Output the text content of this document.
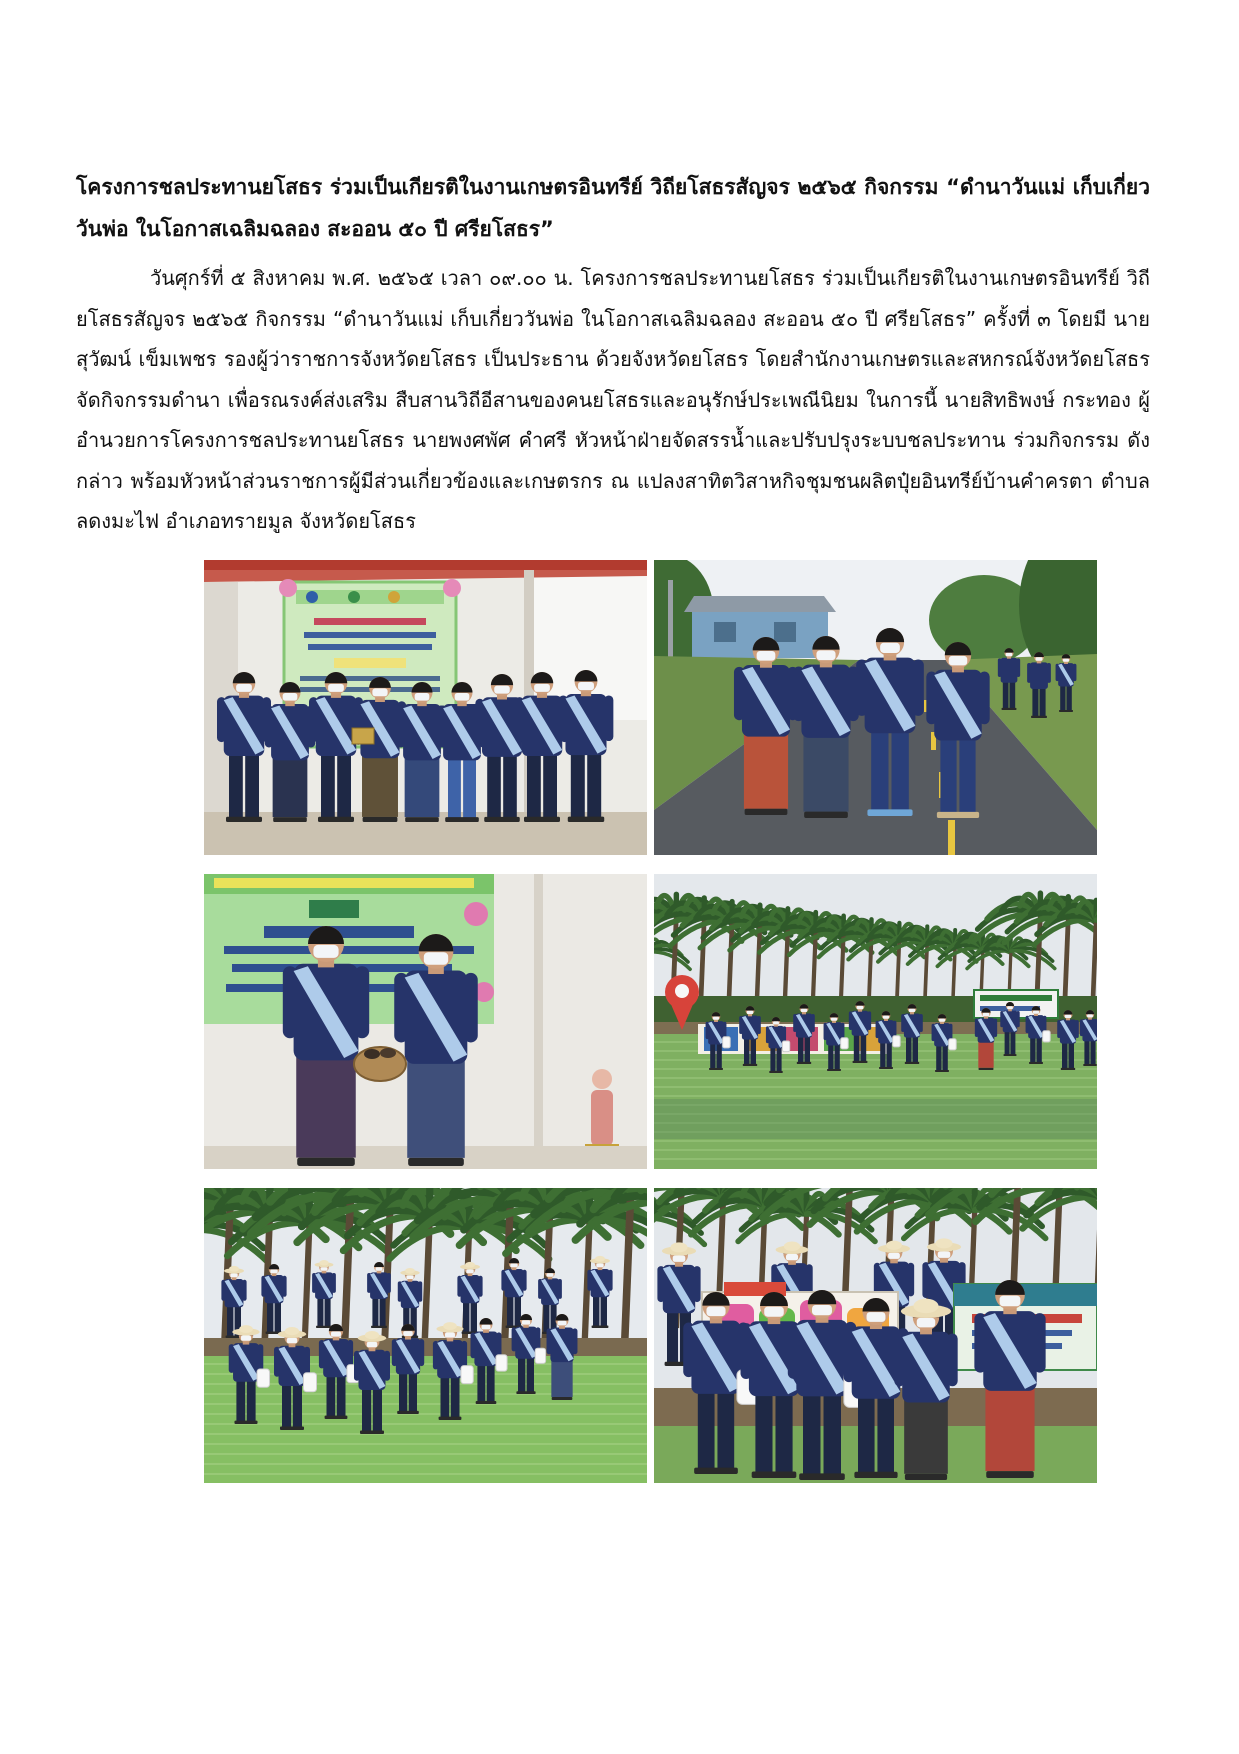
โครงการชลประทานยโสธร ร่วมเป็นเกียรติในงานเกษตรอินทรีย์ วิถียโสธรสัญจร ๒๕๖๕ กิจกรรม “ดำนาวันแม่ เก็บเกี่ยววันพ่อ ในโอกาสเฉลิมฉลอง สะออน ๕๐ ปี ศรียโสธร”

วันศุกร์ที่ ๕ สิงหาคม พ.ศ. ๒๕๖๕ เวลา ๐๙.๐๐ น. โครงการชลประทานยโสธร ร่วมเป็นเกียรติในงานเกษตรอินทรีย์ วิถียโสธรสัญจร ๒๕๖๕ กิจกรรม “ดำนาวันแม่ เก็บเกี่ยววันพ่อ ในโอกาสเฉลิมฉลอง สะออน ๕๐ ปี ศรียโสธร” ครั้งที่ ๓ โดยมี นายสุวัฒน์ เข็มเพชร รองผู้ว่าราชการจังหวัดยโสธร เป็นประธาน ด้วยจังหวัดยโสธร โดยสำนักงานเกษตรและสหกรณ์จังหวัดยโสธร จัดกิจกรรมดำนา เพื่อรณรงค์ส่งเสริม สืบสานวิถีอีสานของคนยโสธรและอนุรักษ์ประเพณีนิยม ในการนี้ นายสิทธิพงษ์ กระทอง ผู้อำนวยการโครงการชลประทานยโสธร นายพงศพัศ คำศรี หัวหน้าฝ่ายจัดสรรน้ำและปรับปรุงระบบชลประทาน ร่วมกิจกรรม ดังกล่าว พร้อมหัวหน้าส่วนราชการผู้มีส่วนเกี่ยวข้องและเกษตรกร ณ แปลงสาทิตวิสาหกิจชุมชนผลิตปุ๋ยอินทรีย์บ้านคำครตา ตำบลลดงมะไฟ อำเภอทรายมูล จังหวัดยโสธร
